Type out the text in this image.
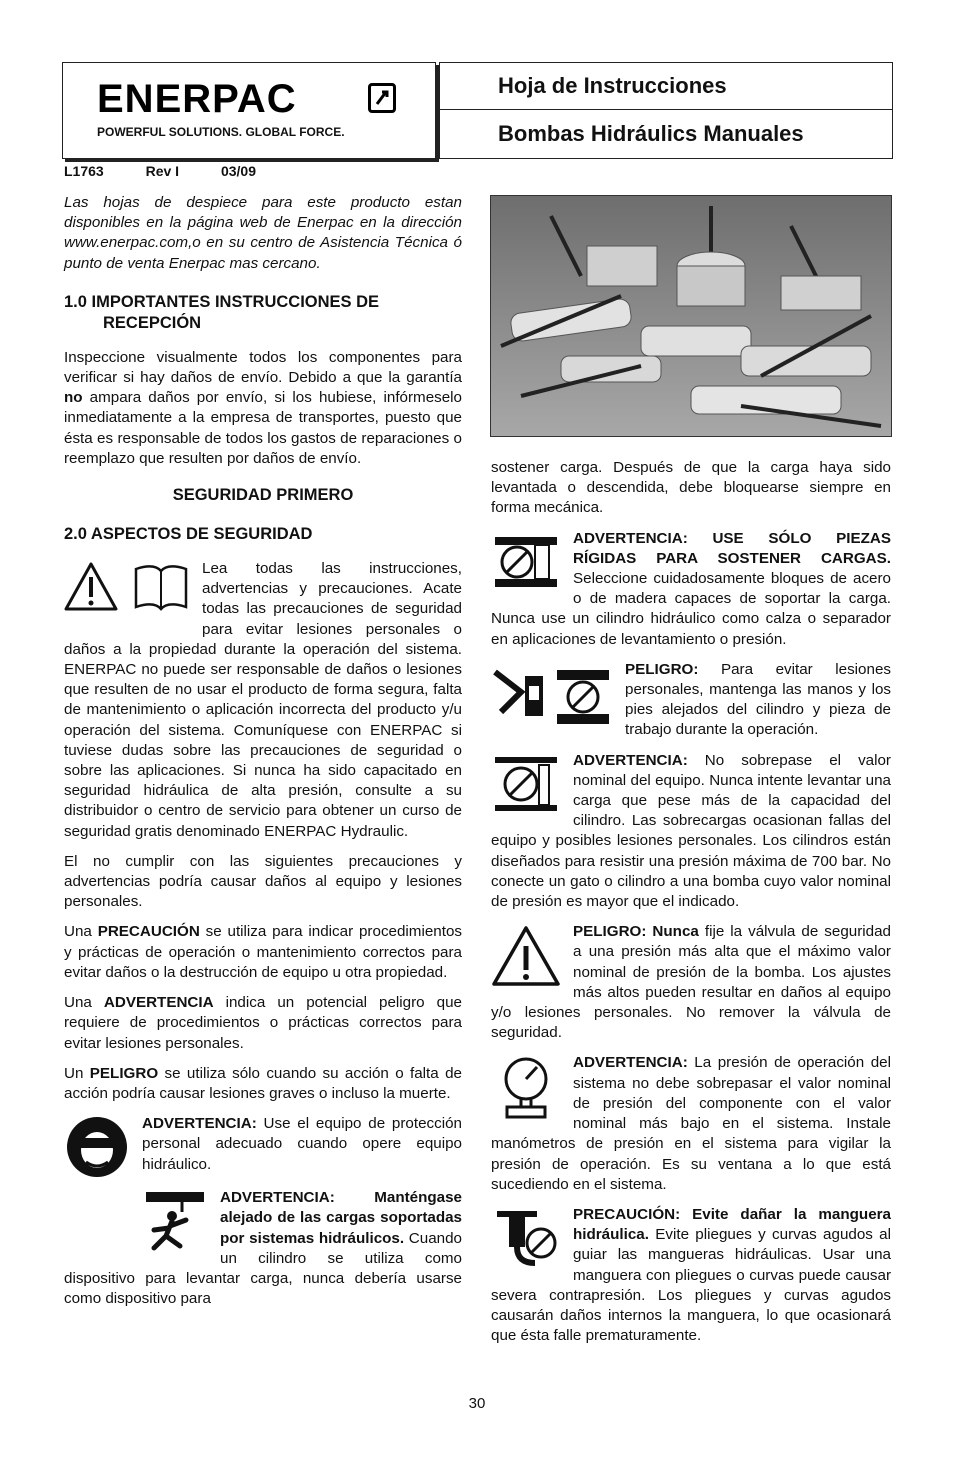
ENERPAC
POWERFUL SOLUTIONS. GLOBAL FORCE.
Hoja de Instrucciones
Bombas Hidráulics Manuales
L1763	Rev I	03/09

Las hojas de despiece para este producto estan disponibles en la página web de Enerpac en la dirección www.enerpac.com,o en su centro de Asistencia Técnica ó punto de venta Enerpac mas cercano.

1.0 IMPORTANTES INSTRUCCIONES DE RECEPCIÓN

Inspeccione visualmente todos los componentes para verificar si hay daños de envío. Debido a que la garantía no ampara daños por envío, si los hubiese, infórmeselo inmediatamente a la empresa de transportes, puesto que ésta es responsable de todos los gastos de reparaciones o reemplazo que resulten por daños de envío.

SEGURIDAD PRIMERO
2.0 ASPECTOS DE SEGURIDAD

Lea todas las instrucciones, advertencias y precauciones. Acate todas las precauciones de seguridad para evitar lesiones personales o daños a la propiedad durante la operación del sistema. ENERPAC no puede ser responsable de daños o lesiones que resulten de no usar el producto de forma segura, falta de mantenimiento o aplicación incorrecta del producto y/u operación del sistema. Comuníquese con ENERPAC si tuviese dudas sobre las precauciones de seguridad o sobre las aplicaciones. Si nunca ha sido capacitado en seguridad hidráulica de alta presión, consulte a su distribuidor o centro de servicio para obtener un curso de seguridad gratis denominado ENERPAC Hydraulic.

El no cumplir con las siguientes precauciones y advertencias podría causar daños al equipo y lesiones personales.

Una PRECAUCIÓN se utiliza para indicar procedimientos y prácticas de operación o mantenimiento correctos para evitar daños o la destrucción de equipo u otra propiedad.

Una ADVERTENCIA indica un potencial peligro que requiere de procedimientos o prácticas correctos para evitar lesiones personales.

Un PELIGRO se utiliza sólo cuando su acción o falta de acción podría causar lesiones graves o incluso la muerte.

ADVERTENCIA: Use el equipo de protección personal adecuado cuando opere equipo hidráulico.

ADVERTENCIA: Manténgase alejado de las cargas soportadas por sistemas hidráulicos. Cuando un cilindro se utiliza como dispositivo para levantar carga, nunca debería usarse como dispositivo para

sostener carga. Después de que la carga haya sido levantada o descendida, debe bloquearse siempre en forma mecánica.

ADVERTENCIA: USE SÓLO PIEZAS RÍGIDAS PARA SOSTENER CARGAS. Seleccione cuidadosamente bloques de acero o de madera capaces de soportar la carga. Nunca use un cilindro hidráulico como calza o separador en aplicaciones de levantamiento o presión.

PELIGRO: Para evitar lesiones personales, mantenga las manos y los pies alejados del cilindro y pieza de trabajo durante la operación.

ADVERTENCIA: No sobrepase el valor nominal del equipo. Nunca intente levantar una carga que pese más de la capacidad del cilindro. Las sobrecargas ocasionan fallas del equipo y posibles lesiones personales. Los cilindros están diseñados para resistir una presión máxima de 700 bar. No conecte un gato o cilindro a una bomba cuyo valor nominal de presión es mayor que el indicado.

PELIGRO: Nunca fije la válvula de seguridad a una presión más alta que el máximo valor nominal de presión de la bomba. Los ajustes más altos pueden resultar en daños al equipo y/o lesiones personales. No remover la válvula de seguridad.

ADVERTENCIA: La presión de operación del sistema no debe sobrepasar el valor nominal de presión del componente con el valor nominal más bajo en el sistema. Instale manómetros de presión en el sistema para vigilar la presión de operación. Es su ventana a lo que está sucediendo en el sistema.

PRECAUCIÓN: Evite dañar la manguera hidráulica. Evite pliegues y curvas agudos al guiar las mangueras hidráulicas. Usar una manguera con pliegues o curvas puede causar severa contrapresión. Los pliegues y curvas agudos causarán daños internos la manguera, lo que ocasionará que ésta falle prematuramente.

30
